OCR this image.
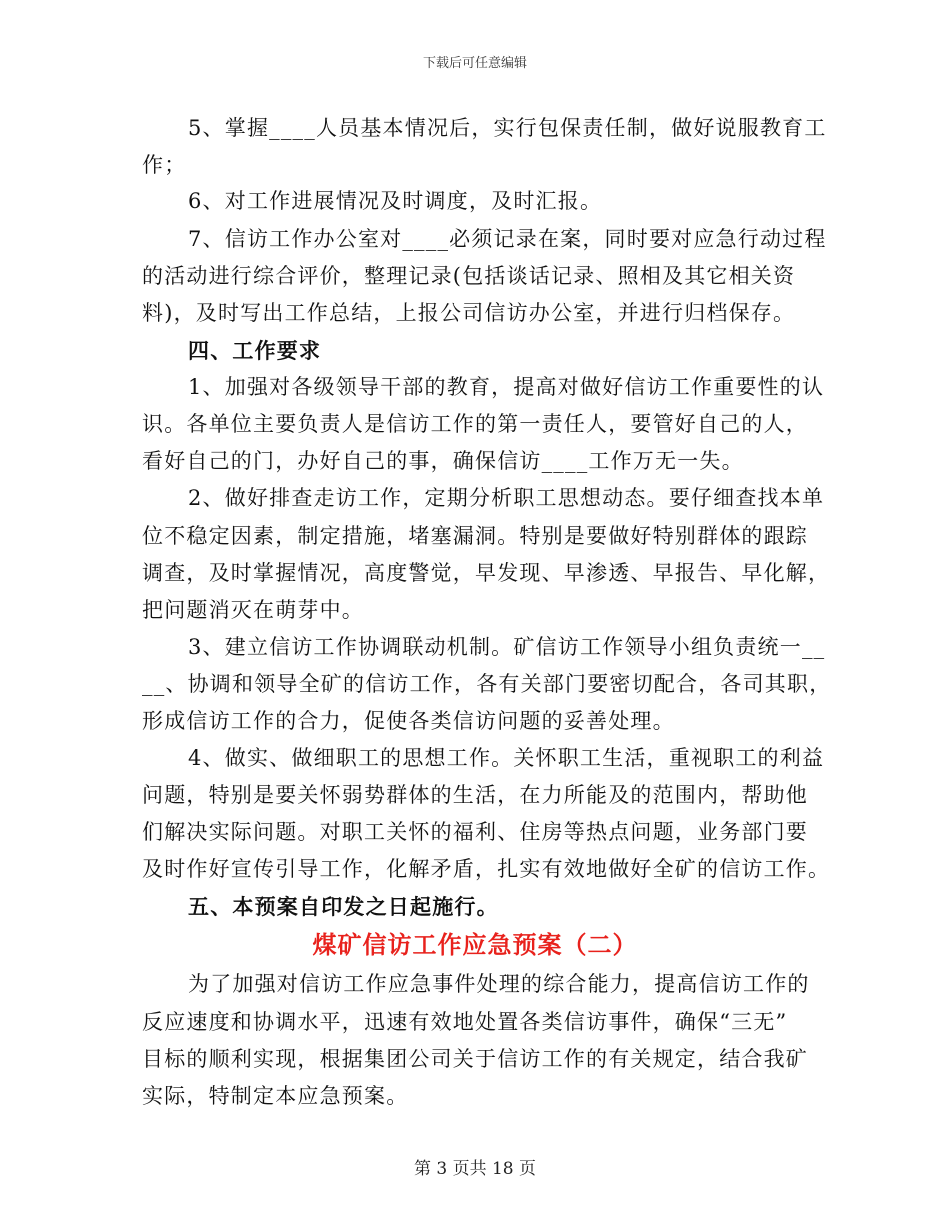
下载后可任意编辑
5、掌握____人员基本情况后，实行包保责任制，做好说服教育工
作；
6、对工作进展情况及时调度，及时汇报。
7、信访工作办公室对____必须记录在案，同时要对应急行动过程
的活动进行综合评价，整理记录(包括谈话记录、照相及其它相关资
料)，及时写出工作总结，上报公司信访办公室，并进行归档保存。
四、工作要求
1、加强对各级领导干部的教育，提高对做好信访工作重要性的认
识。各单位主要负责人是信访工作的第一责任人，要管好自己的人，
看好自己的门，办好自己的事，确保信访____工作万无一失。
2、做好排查走访工作，定期分析职工思想动态。要仔细查找本单
位不稳定因素，制定措施，堵塞漏洞。特别是要做好特别群体的跟踪
调查，及时掌握情况，高度警觉，早发现、早渗透、早报告、早化解，
把问题消灭在萌芽中。
3、建立信访工作协调联动机制。矿信访工作领导小组负责统一__
__、协调和领导全矿的信访工作，各有关部门要密切配合，各司其职，
形成信访工作的合力，促使各类信访问题的妥善处理。
4、做实、做细职工的思想工作。关怀职工生活，重视职工的利益
问题，特别是要关怀弱势群体的生活，在力所能及的范围内，帮助他
们解决实际问题。对职工关怀的福利、住房等热点问题，业务部门要
及时作好宣传引导工作，化解矛盾，扎实有效地做好全矿的信访工作。
五、本预案自印发之日起施行。
煤矿信访工作应急预案（二）
为了加强对信访工作应急事件处理的综合能力，提高信访工作的
反应速度和协调水平，迅速有效地处置各类信访事件，确保“三无”
目标的顺利实现，根据集团公司关于信访工作的有关规定，结合我矿
实际，特制定本应急预案。
第 3 页共 18 页
